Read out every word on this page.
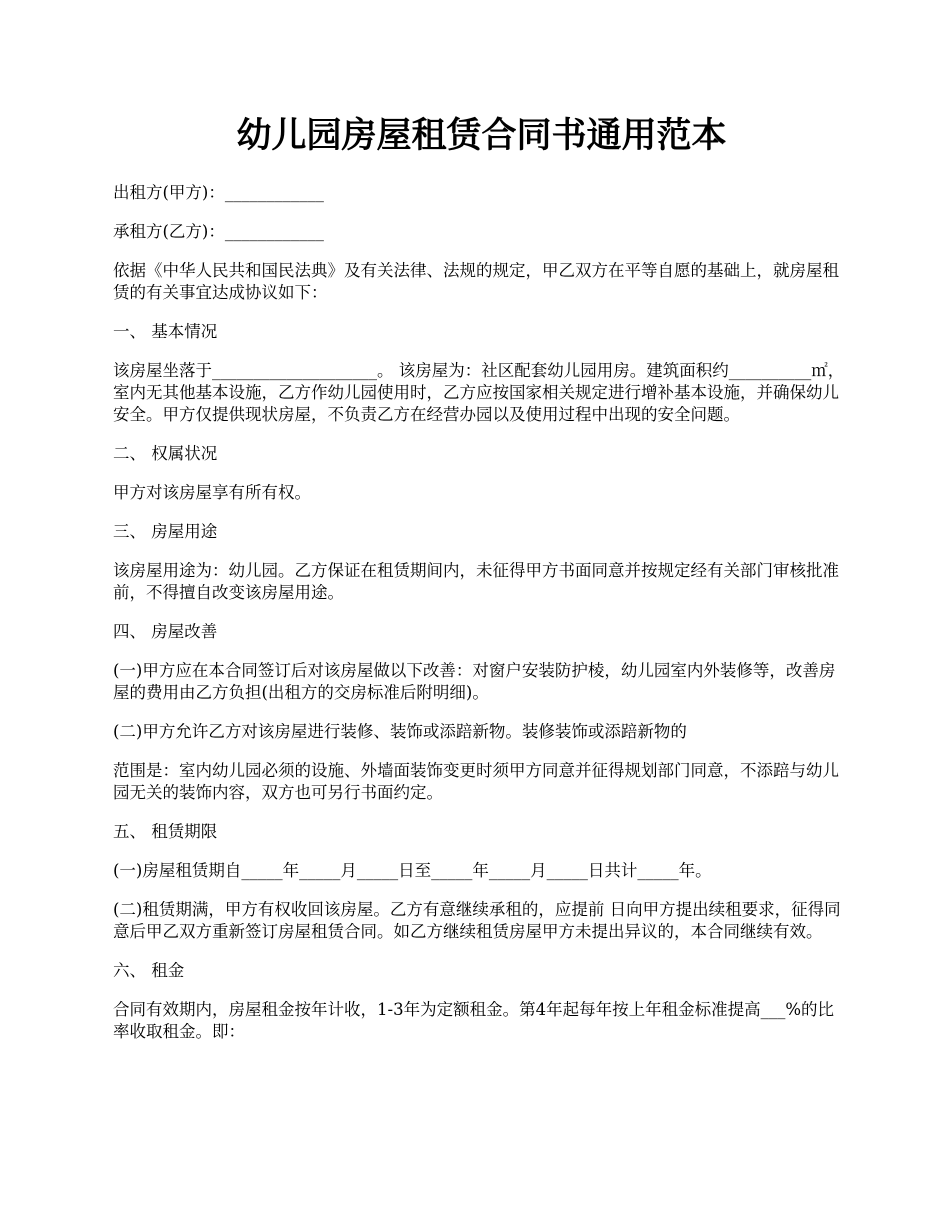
幼儿园房屋租赁合同书通用范本

出租方(甲方)：____________

承租方(乙方)：____________

依据《中华人民共和国民法典》及有关法律、法规的规定，甲乙双方在平等自愿的基础上，就房屋租赁的有关事宜达成协议如下：

一、 基本情况

该房屋坐落于____________________。 该房屋为：社区配套幼儿园用房。建筑面积约__________㎡，室内无其他基本设施，乙方作幼儿园使用时，乙方应按国家相关规定进行增补基本设施，并确保幼儿安全。甲方仅提供现状房屋，不负责乙方在经营办园以及使用过程中出现的安全问题。

二、 权属状况

甲方对该房屋享有所有权。

三、 房屋用途

该房屋用途为：幼儿园。乙方保证在租赁期间内，未征得甲方书面同意并按规定经有关部门审核批准前，不得擅自改变该房屋用途。

四、 房屋改善

(一)甲方应在本合同签订后对该房屋做以下改善：对窗户安装防护棱，幼儿园室内外装修等，改善房屋的费用由乙方负担(出租方的交房标准后附明细)。

(二)甲方允许乙方对该房屋进行装修、装饰或添踣新物。装修装饰或添踣新物的

范围是：室内幼儿园必须的设施、外墙面装饰变更时须甲方同意并征得规划部门同意，不添踣与幼儿园无关的装饰内容，双方也可另行书面约定。

五、 租赁期限

(一)房屋租赁期自_____年_____月_____日至_____年_____月_____日共计_____年。

(二)租赁期满，甲方有权收回该房屋。乙方有意继续承租的，应提前 日向甲方提出续租要求，征得同意后甲乙双方重新签订房屋租赁合同。如乙方继续租赁房屋甲方未提出异议的，本合同继续有效。

六、 租金

合同有效期内，房屋租金按年计收，1-3年为定额租金。第4年起每年按上年租金标准提高___%的比率收取租金。即：
